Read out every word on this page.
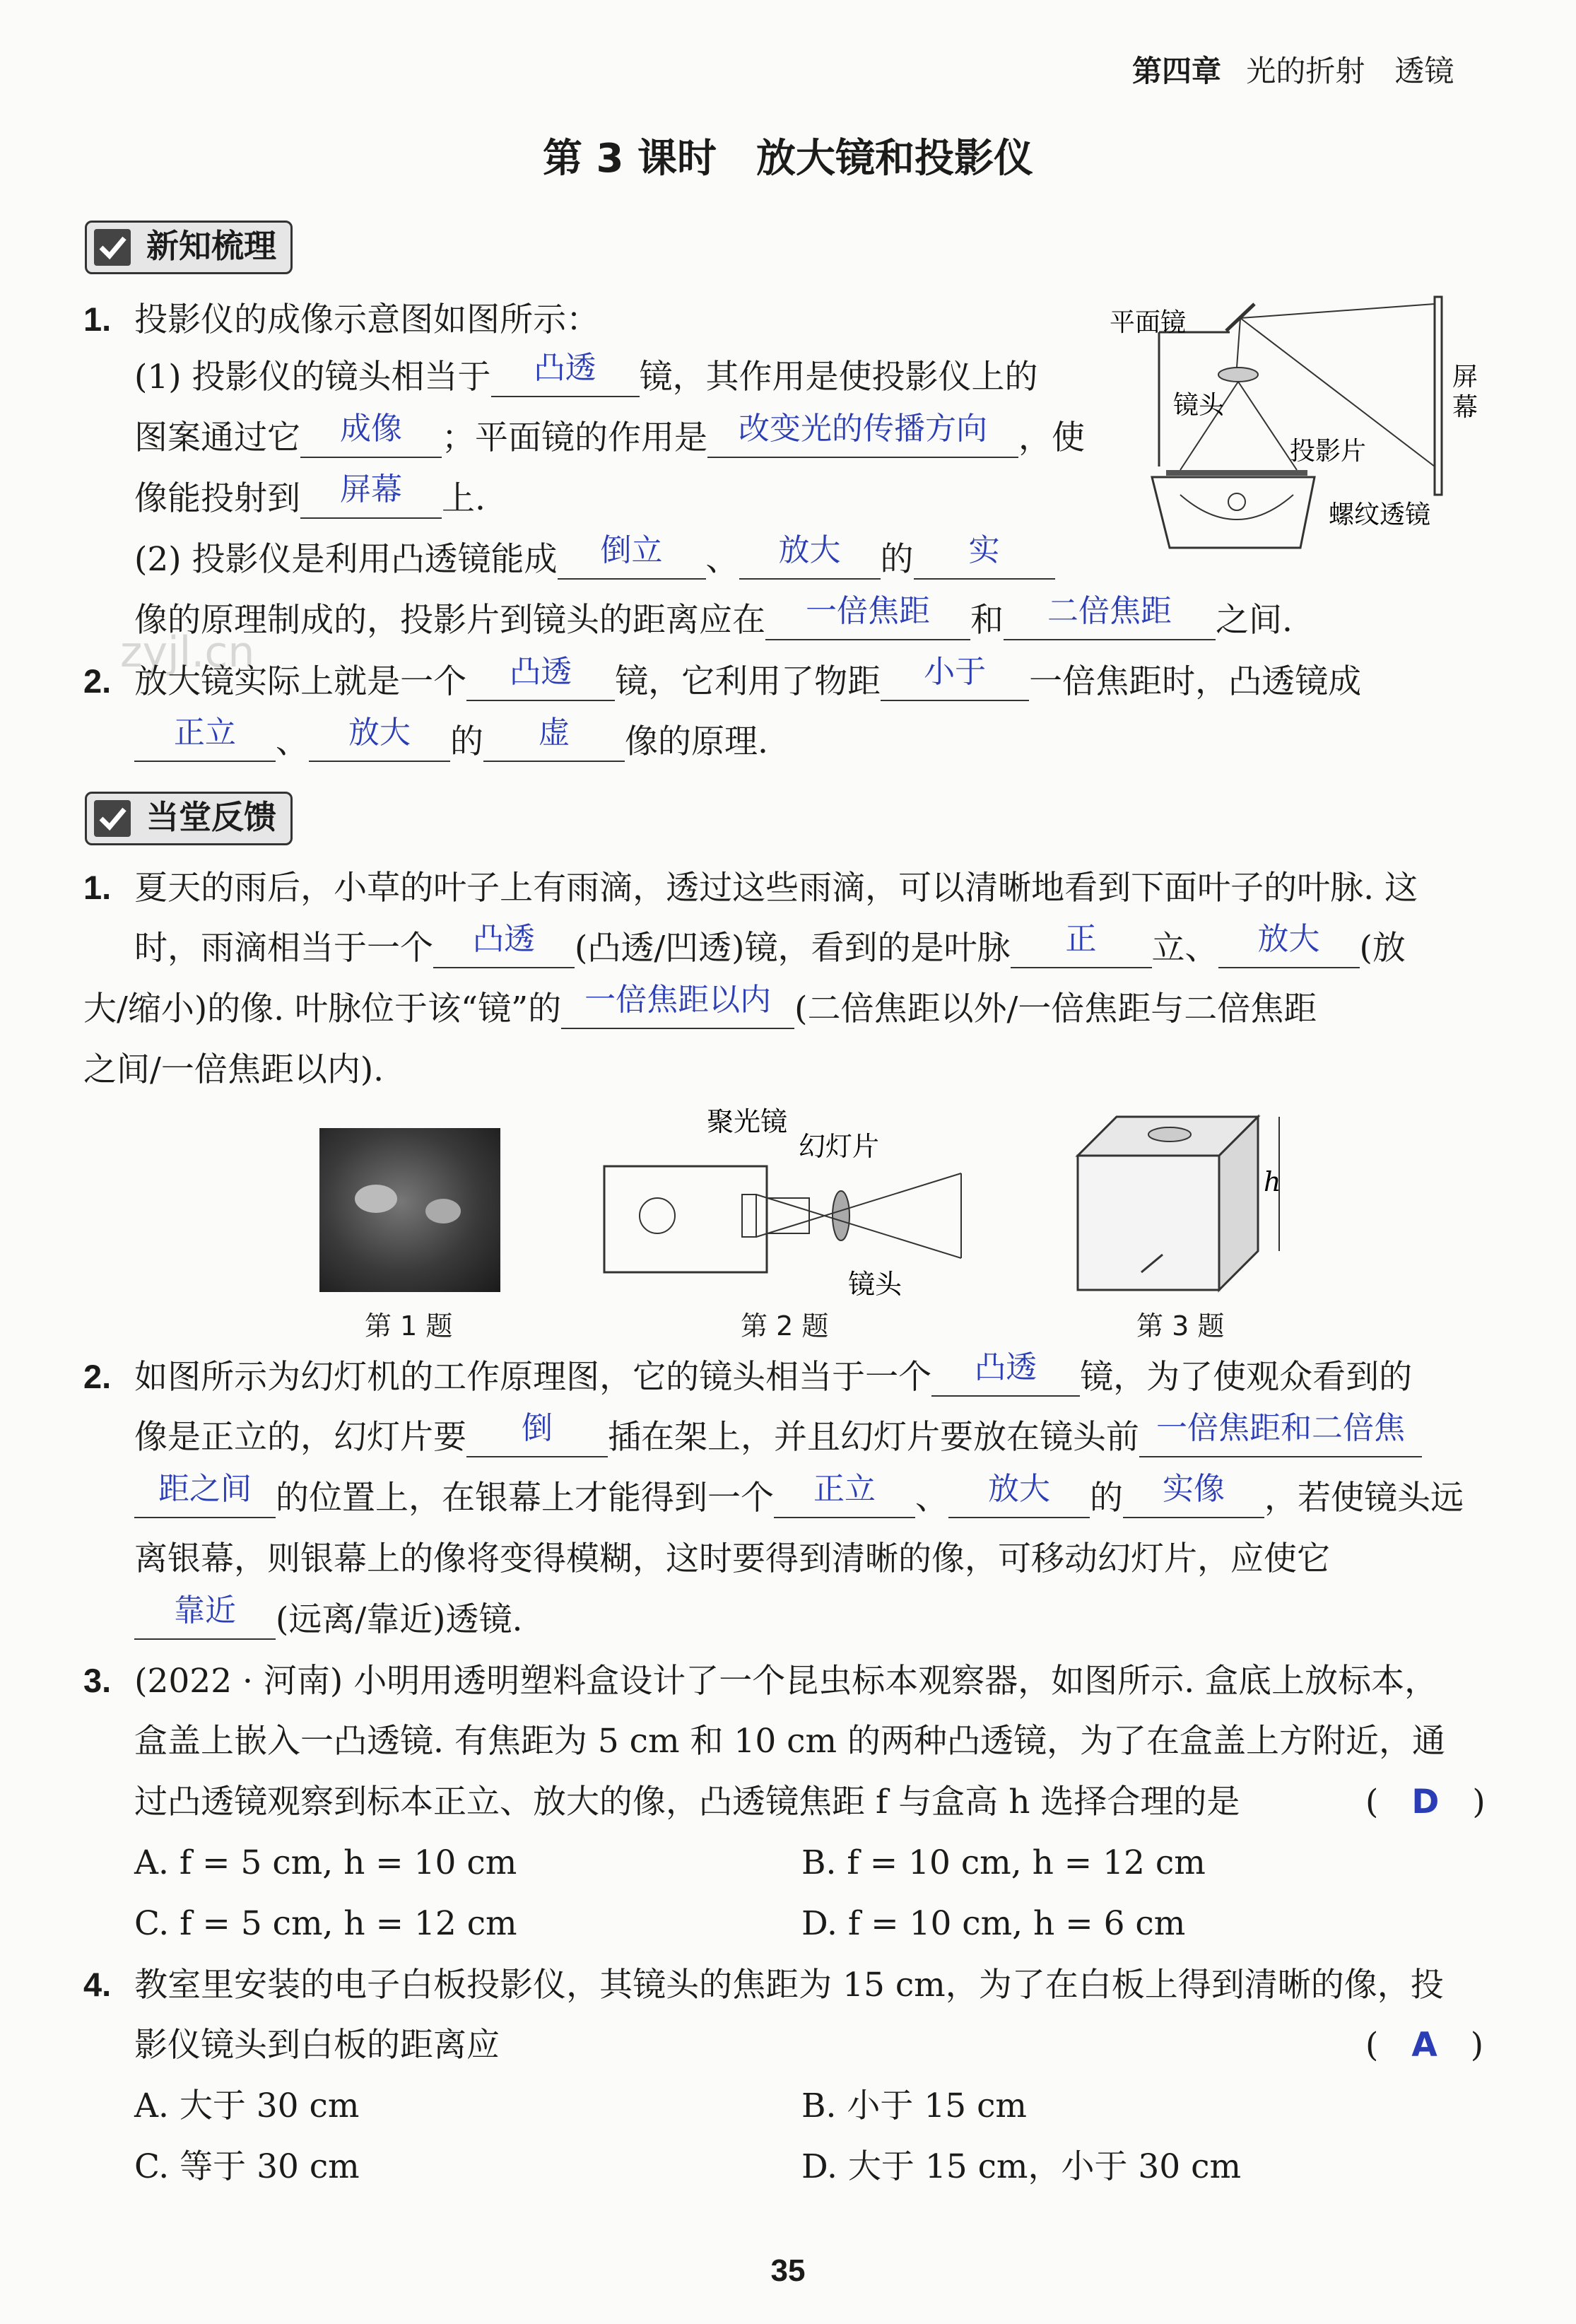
第四章 光的折射　透镜
第 3 课时　放大镜和投影仪
新知梳理
平面镜
镜头
投影片
螺纹透镜
屏
幕
1. 投影仪的成像示意图如图所示：
(1) 投影仪的镜头相当于 凸透 镜，其作用是使投影仪上的
图案通过它 成像 ；平面镜的作用是 改变光的传播方向 ，使
像能投射到 屏幕 上.
(2) 投影仪是利用凸透镜能成 倒立 、 放大 的 实
像的原理制成的，投影片到镜头的距离应在 一倍焦距 和 二倍焦距 之间.
zyjl.cn
2. 放大镜实际上就是一个 凸透 镜，它利用了物距 小于 一倍焦距时，凸透镜成
正立 、 放大 的 虚 像的原理.
当堂反馈
1. 夏天的雨后，小草的叶子上有雨滴，透过这些雨滴，可以清晰地看到下面叶子的叶脉. 这
时，雨滴相当于一个 凸透 (凸透/凹透)镜，看到的是叶脉 正 立、 放大 (放
大/缩小)的像. 叶脉位于该“镜”的 一倍焦距以内 (二倍焦距以外/一倍焦距与二倍焦距
之间/一倍焦距以内).
第 1 题
聚光镜
幻灯片
镜头
第 2 题
h
第 3 题
2. 如图所示为幻灯机的工作原理图，它的镜头相当于一个 凸透 镜，为了使观众看到的
像是正立的，幻灯片要 倒 插在架上，并且幻灯片要放在镜头前 一倍焦距和二倍焦
距之间 的位置上，在银幕上才能得到一个 正立 、 放大 的 实像 ，若使镜头远
离银幕，则银幕上的像将变得模糊，这时要得到清晰的像，可移动幻灯片，应使它
靠近 (远离/靠近)透镜.
3. (2022 · 河南) 小明用透明塑料盒设计了一个昆虫标本观察器，如图所示. 盒底上放标本，
盒盖上嵌入一凸透镜. 有焦距为 5 cm 和 10 cm 的两种凸透镜，为了在盒盖上方附近，通
过凸透镜观察到标本正立、放大的像，凸透镜焦距 f 与盒高 h 选择合理的是	(　D　)
A. f = 5 cm, h = 10 cm	B. f = 10 cm, h = 12 cm
C. f = 5 cm, h = 12 cm	D. f = 10 cm, h = 6 cm
4. 教室里安装的电子白板投影仪，其镜头的焦距为 15 cm，为了在白板上得到清晰的像，投
影仪镜头到白板的距离应	(　A　)
A. 大于 30 cm	B. 小于 15 cm
C. 等于 30 cm	D. 大于 15 cm，小于 30 cm
35
